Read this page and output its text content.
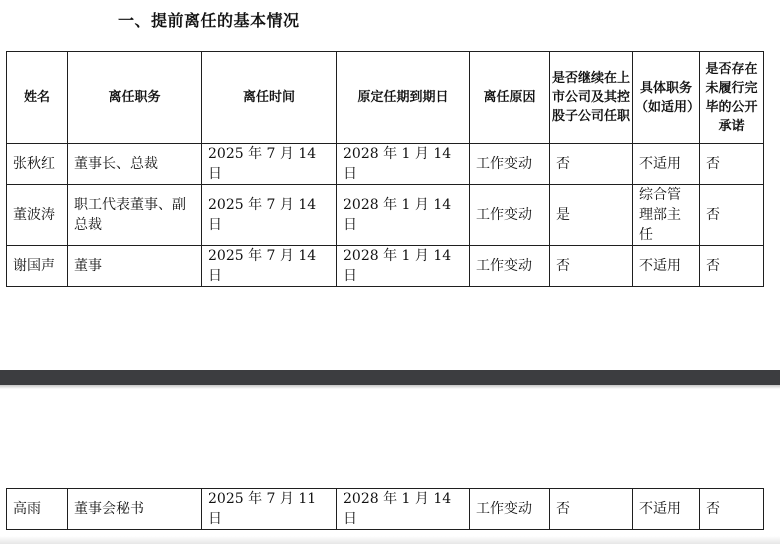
一、提前离任的基本情况
姓名	离任职务	离任时间	原定任期到期日	离任原因	是否继续在上市公司及其控股子公司任职	具体职务（如适用）	是否存在未履行完毕的公开承诺
张秋红	董事长、总裁	2025 年 7 月 14 日	2028 年 1 月 14 日	工作变动	否	不适用	否
董波涛	职工代表董事、副总裁	2025 年 7 月 14 日	2028 年 1 月 14 日	工作变动	是	综合管理部主任	否
谢国声	董事	2025 年 7 月 14 日	2028 年 1 月 14 日	工作变动	否	不适用	否
高雨	董事会秘书	2025 年 7 月 11 日	2028 年 1 月 14 日	工作变动	否	不适用	否
